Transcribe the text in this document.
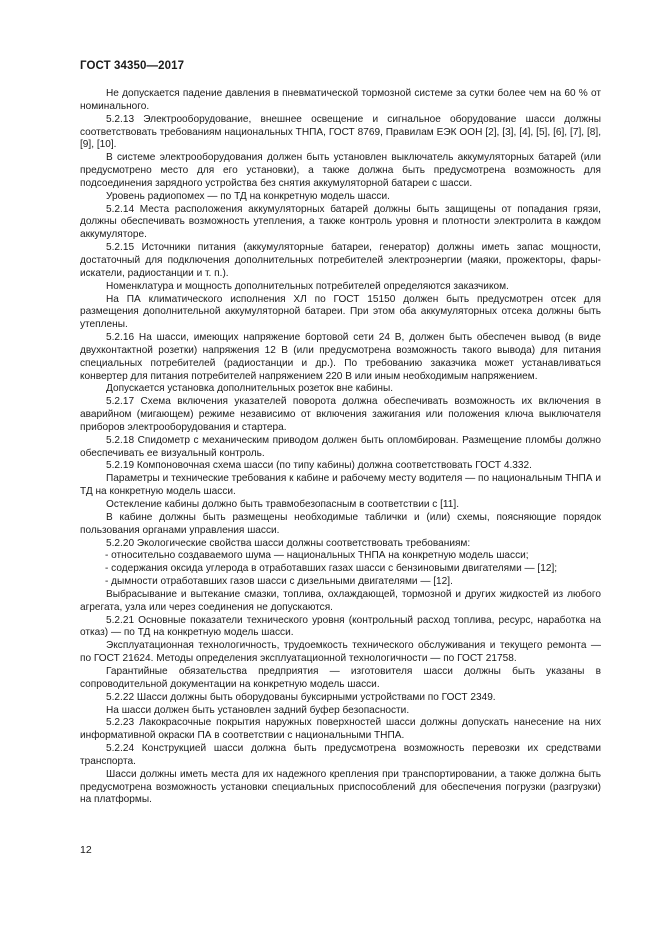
ГОСТ 34350—2017

Не допускается падение давления в пневматической тормозной системе за сутки более чем на 60 % от номинального.

5.2.13 Электрооборудование, внешнее освещение и сигнальное оборудование шасси должны соответствовать требованиям национальных ТНПА, ГОСТ 8769, Правилам ЕЭК ООН [2], [3], [4], [5], [6], [7], [8], [9], [10].

В системе электрооборудования должен быть установлен выключатель аккумуляторных батарей (или предусмотрено место для его установки), а также должна быть предусмотрена возможность для подсоединения зарядного устройства без снятия аккумуляторной батареи с шасси.

Уровень радиопомех — по ТД на конкретную модель шасси.

5.2.14 Места расположения аккумуляторных батарей должны быть защищены от попадания грязи, должны обеспечивать возможность утепления, а также контроль уровня и плотности электролита в каждом аккумуляторе.

5.2.15 Источники питания (аккумуляторные батареи, генератор) должны иметь запас мощности, достаточный для подключения дополнительных потребителей электроэнергии (маяки, прожекторы, фары-искатели, радиостанции и т. п.).

Номенклатура и мощность дополнительных потребителей определяются заказчиком.

На ПА климатического исполнения ХЛ по ГОСТ 15150 должен быть предусмотрен отсек для размещения дополнительной аккумуляторной батареи. При этом оба аккумуляторных отсека должны быть утеплены.

5.2.16 На шасси, имеющих напряжение бортовой сети 24 В, должен быть обеспечен вывод (в виде двухконтактной розетки) напряжения 12 В (или предусмотрена возможность такого вывода) для питания специальных потребителей (радиостанции и др.). По требованию заказчика может устанавливаться конвертер для питания потребителей напряжением 220 В или иным необходимым напряжением.

Допускается установка дополнительных розеток вне кабины.

5.2.17 Схема включения указателей поворота должна обеспечивать возможность их включения в аварийном (мигающем) режиме независимо от включения зажигания или положения ключа выключателя приборов электрооборудования и стартера.

5.2.18 Спидометр с механическим приводом должен быть опломбирован. Размещение пломбы должно обеспечивать ее визуальный контроль.

5.2.19 Компоновочная схема шасси (по типу кабины) должна соответствовать ГОСТ 4.332.

Параметры и технические требования к кабине и рабочему месту водителя — по национальным ТНПА и ТД на конкретную модель шасси.

Остекление кабины должно быть травмобезопасным в соответствии с [11].

В кабине должны быть размещены необходимые таблички и (или) схемы, поясняющие порядок пользования органами управления шасси.

5.2.20 Экологические свойства шасси должны соответствовать требованиям:

- относительно создаваемого шума — национальных ТНПА на конкретную модель шасси;

- содержания оксида углерода в отработавших газах шасси с бензиновыми двигателями — [12];

- дымности отработавших газов шасси с дизельными двигателями — [12].

Выбрасывание и вытекание смазки, топлива, охлаждающей, тормозной и других жидкостей из любого агрегата, узла или через соединения не допускаются.

5.2.21 Основные показатели технического уровня (контрольный расход топлива, ресурс, наработка на отказ) — по ТД на конкретную модель шасси.

Эксплуатационная технологичность, трудоемкость технического обслуживания и текущего ремонта — по ГОСТ 21624. Методы определения эксплуатационной технологичности — по ГОСТ 21758.

Гарантийные обязательства предприятия — изготовителя шасси должны быть указаны в сопроводительной документации на конкретную модель шасси.

5.2.22 Шасси должны быть оборудованы буксирными устройствами по ГОСТ 2349.

На шасси должен быть установлен задний буфер безопасности.

5.2.23 Лакокрасочные покрытия наружных поверхностей шасси должны допускать нанесение на них информативной окраски ПА в соответствии с национальными ТНПА.

5.2.24 Конструкцией шасси должна быть предусмотрена возможность перевозки их средствами транспорта.

Шасси должны иметь места для их надежного крепления при транспортировании, а также должна быть предусмотрена возможность установки специальных приспособлений для обеспечения погрузки (разгрузки) на платформы.

12
